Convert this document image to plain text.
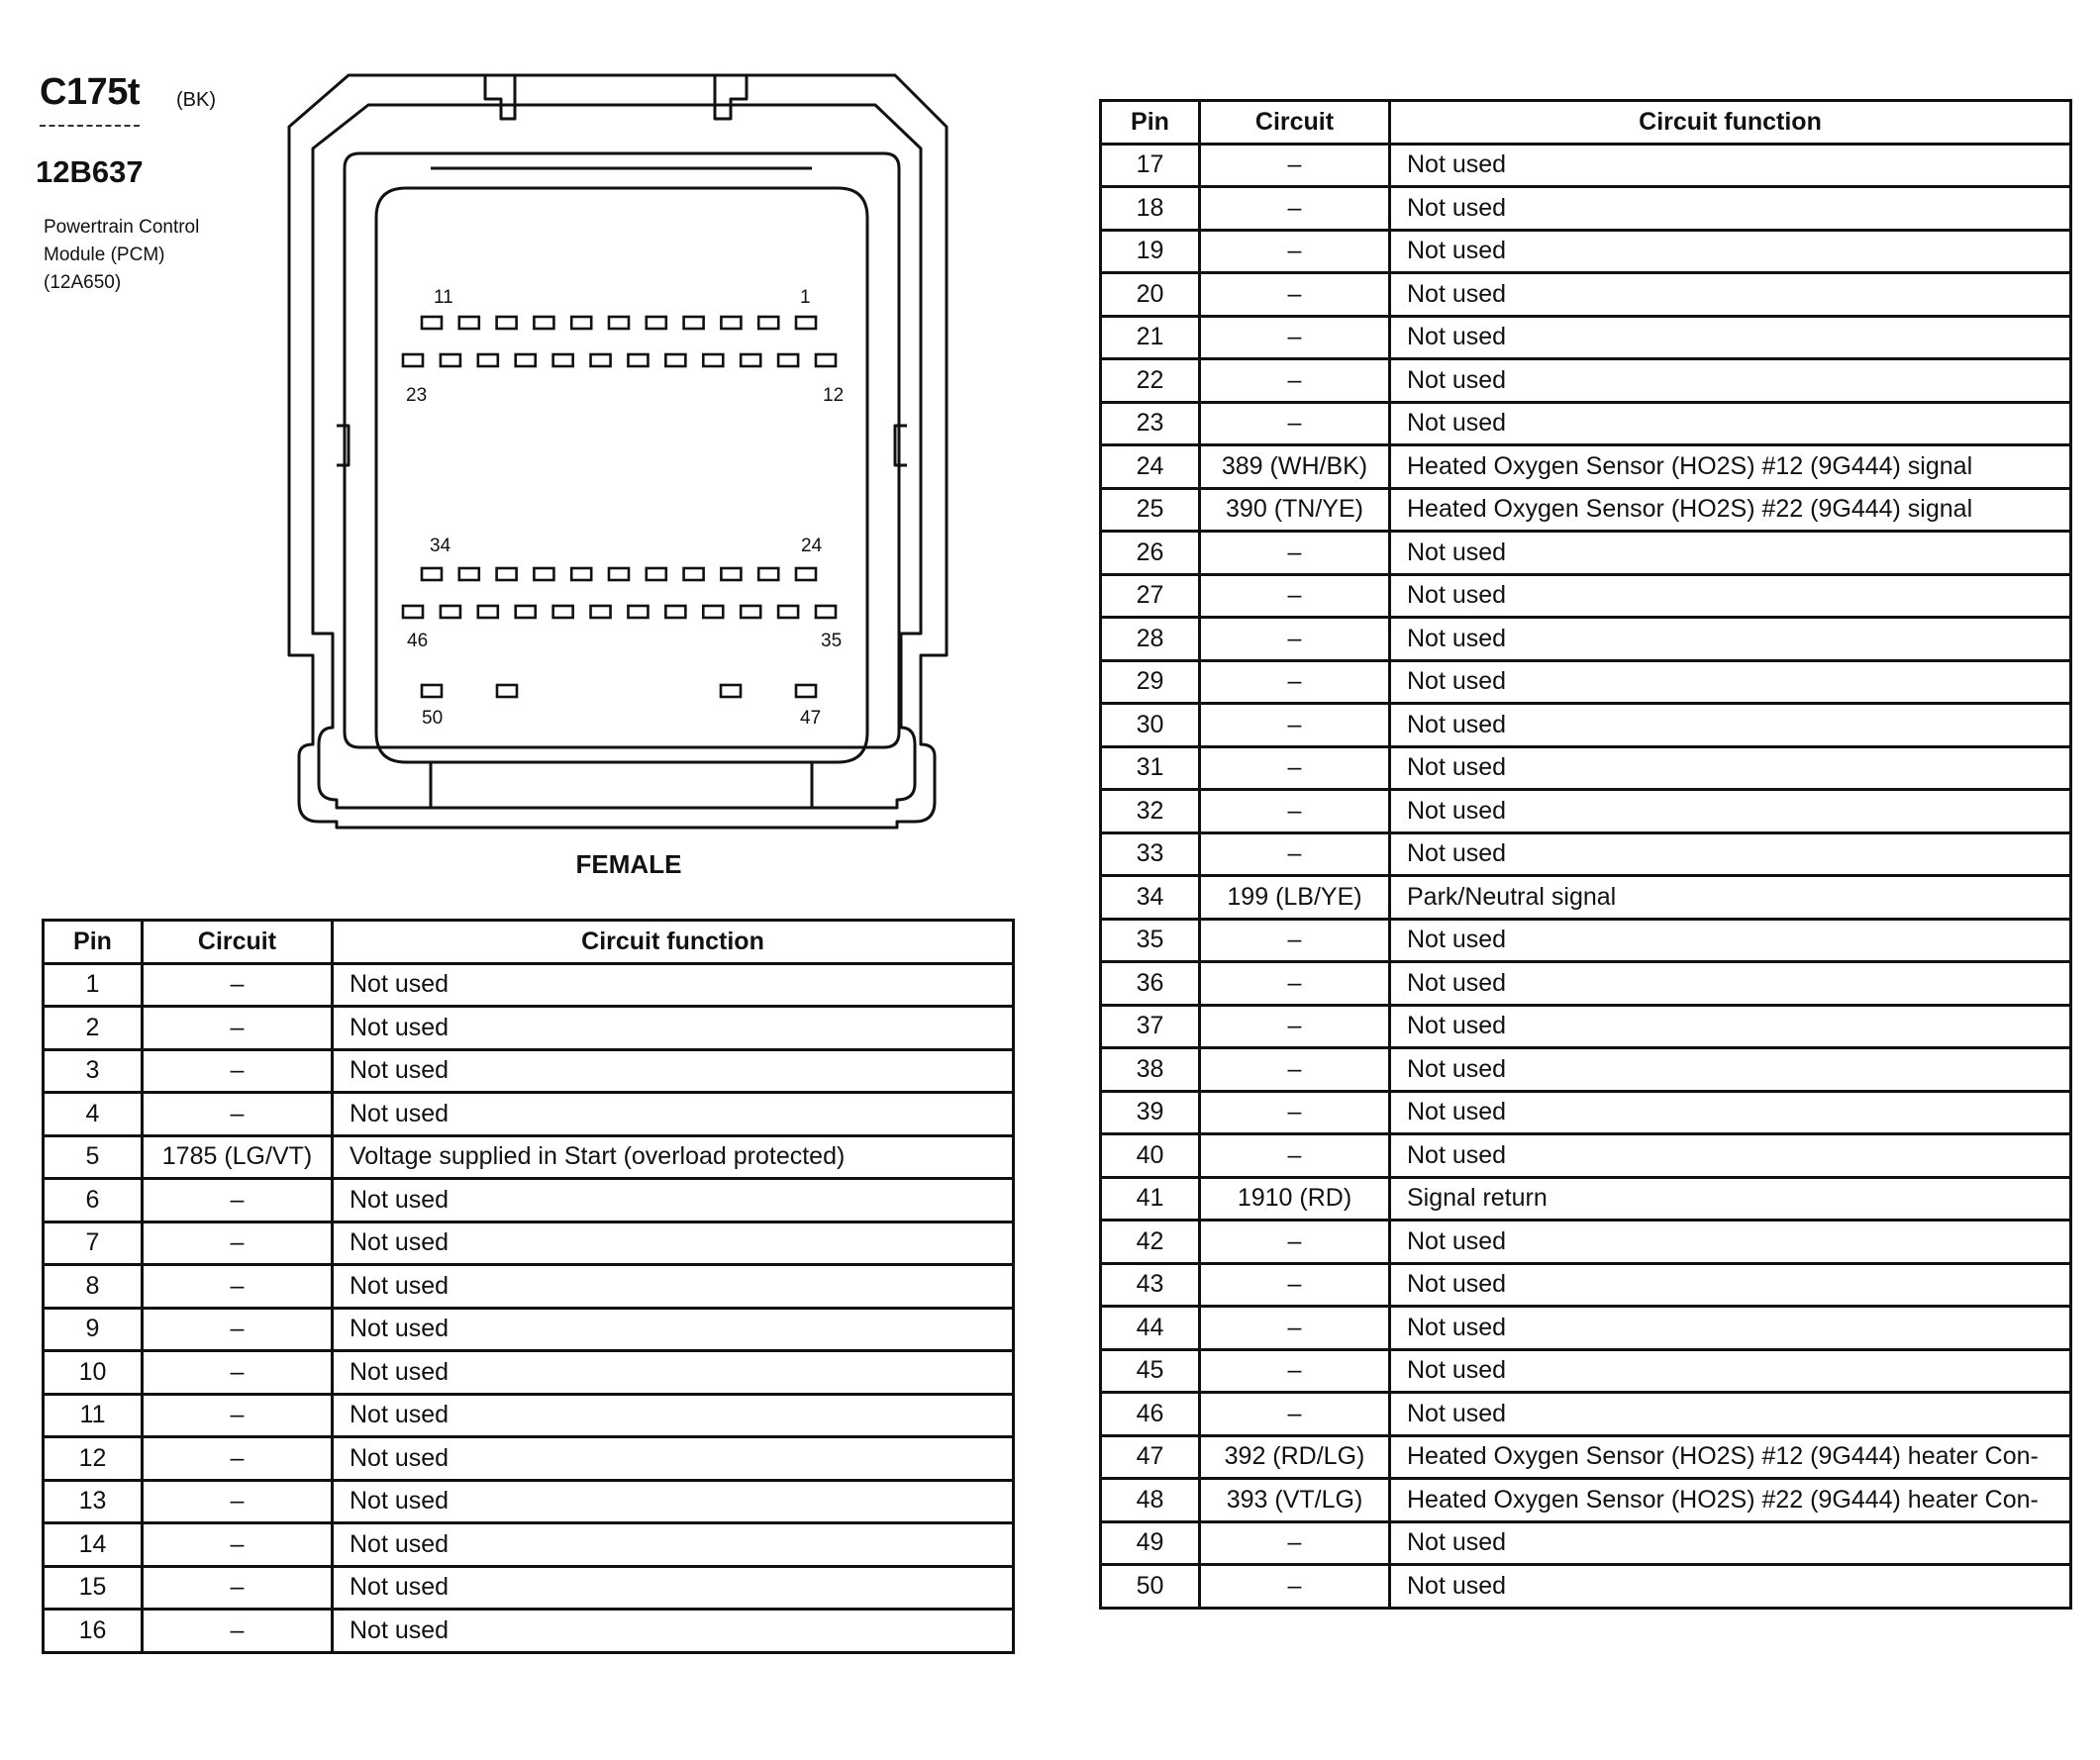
C175t (BK)
12B637
Powertrain Control
Module (PCM)
(12A650)
11	1
23	12
34	24
46	35
50	47
FEMALE
Pin	Circuit	Circuit function
1	–	Not used
2	–	Not used
3	–	Not used
4	–	Not used
5	1785 (LG/VT)	Voltage supplied in Start (overload protected)
6	–	Not used
7	–	Not used
8	–	Not used
9	–	Not used
10	–	Not used
11	–	Not used
12	–	Not used
13	–	Not used
14	–	Not used
15	–	Not used
16	–	Not used
Pin	Circuit	Circuit function
17	–	Not used
18	–	Not used
19	–	Not used
20	–	Not used
21	–	Not used
22	–	Not used
23	–	Not used
24	389 (WH/BK)	Heated Oxygen Sensor (HO2S) #12 (9G444) signal
25	390 (TN/YE)	Heated Oxygen Sensor (HO2S) #22 (9G444) signal
26	–	Not used
27	–	Not used
28	–	Not used
29	–	Not used
30	–	Not used
31	–	Not used
32	–	Not used
33	–	Not used
34	199 (LB/YE)	Park/Neutral signal
35	–	Not used
36	–	Not used
37	–	Not used
38	–	Not used
39	–	Not used
40	–	Not used
41	1910 (RD)	Signal return
42	–	Not used
43	–	Not used
44	–	Not used
45	–	Not used
46	–	Not used
47	392 (RD/LG)	Heated Oxygen Sensor (HO2S) #12 (9G444) heater Con-
48	393 (VT/LG)	Heated Oxygen Sensor (HO2S) #22 (9G444) heater Con-
49	–	Not used
50	–	Not used
